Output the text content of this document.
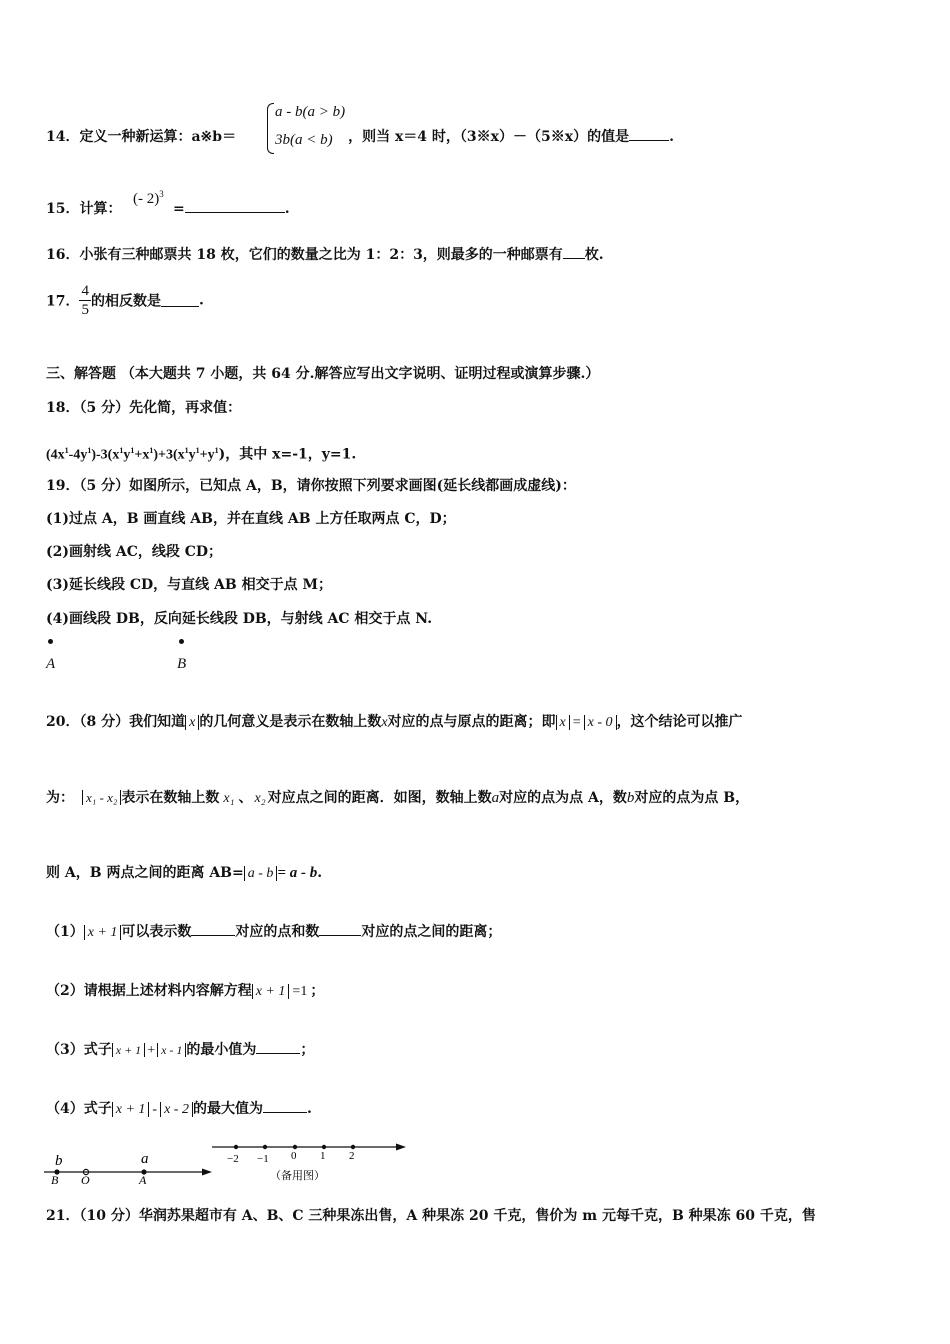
a - b(a > b)
3b(a < b)
14．定义一种新运算：a※b＝	，则当 x＝4 时，（3※x）－（5※x）的值是	.
15．计算：
(- 2)$^3$
=	.
16．小张有三种邮票共 18 枚，它们的数量之比为 1：2：3，则最多的一种邮票有 枚.
17． $\frac{4}{5}$ 的相反数是	.
三、解答题 （本大题共 7 小题，共 64 分.解答应写出文字说明、证明过程或演算步骤.）
18．（5 分）先化简，再求值：
$(4x^1-4y^1)-3(x^1y^1+x^1)+3(x^1y^1+y^1)$，其中 x=-1，y=1.
19．（5 分）如图所示，已知点 A，B，请你按照下列要求画图(延长线都画成虚线)：
(1)过点 A，B 画直线 AB，并在直线 AB 上方任取两点 C，D；
(2)画射线 AC，线段 CD；
(3)延长线段 CD，与直线 AB 相交于点 M；
(4)画线段 DB，反向延长线段 DB，与射线 AC 相交于点 N.
A	B
20．（8 分）我们知道 x 的几何意义是表示在数轴上数x对应的点与原点的距离；即 x = x - 0 ，这个结论可以推广
为： x₁ - x₂ 表示在数轴上数 x₁ 、 x₂ 对应点之间的距离．如图，数轴上数a对应的点为点 A，数b对应的点为点 B，
则 A，B 两点之间的距离 AB= a - b = a - b.
（1） x + 1 可以表示数	对应的点和数	对应的点之间的距离；
（2）请根据上述材料内容解方程 x + 1 =1 ；
（3）式子 x + 1 + x - 1 的最小值为	；
（4）式子 x + 1 - x - 2 的最大值为	.
b	a
B O	A
−2 −1 0 1 2
（备用图）
21．（10 分）华润苏果超市有 A、B、C 三种果冻出售，A 种果冻 20 千克，售价为 m 元每千克，B 种果冻 60 千克，售
